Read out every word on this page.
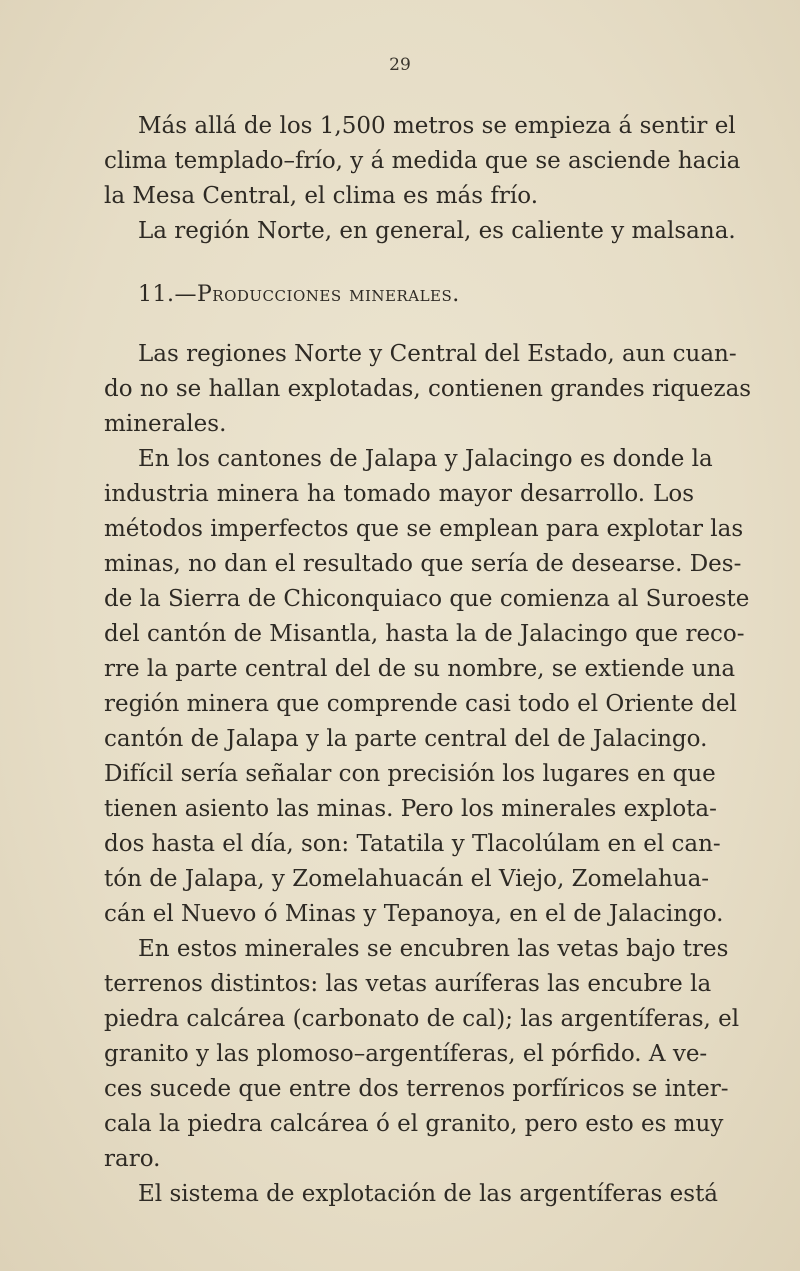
29
Más allá de los 1,500 metros se empieza á sentir el
clima templado–frío, y á medida que se asciende hacia
la Mesa Central, el clima es más frío.
La región Norte, en general, es caliente y malsana.
11.—Producciones minerales.
Las regiones Norte y Central del Estado, aun cuan-
do no se hallan explotadas, contienen grandes riquezas
minerales.
En los cantones de Jalapa y Jalacingo es donde la
industria minera ha tomado mayor desarrollo. Los
métodos imperfectos que se emplean para explotar las
minas, no dan el resultado que sería de desearse. Des-
de la Sierra de Chiconquiaco que comienza al Suroeste
del cantón de Misantla, hasta la de Jalacingo que reco-
rre la parte central del de su nombre, se extiende una
región minera que comprende casi todo el Oriente del
cantón de Jalapa y la parte central del de Jalacingo.
Difícil sería señalar con precisión los lugares en que
tienen asiento las minas. Pero los minerales explota-
dos hasta el día, son: Tatatila y Tlacolúlam en el can-
tón de Jalapa, y Zomelahuacán el Viejo, Zomelahua-
cán el Nuevo ó Minas y Tepanoya, en el de Jalacingo.
En estos minerales se encubren las vetas bajo tres
terrenos distintos: las vetas auríferas las encubre la
piedra calcárea (carbonato de cal); las argentíferas, el
granito y las plomoso–argentíferas, el pórfido. A ve-
ces sucede que entre dos terrenos porfíricos se inter-
cala la piedra calcárea ó el granito, pero esto es muy
raro.
El sistema de explotación de las argentíferas está
